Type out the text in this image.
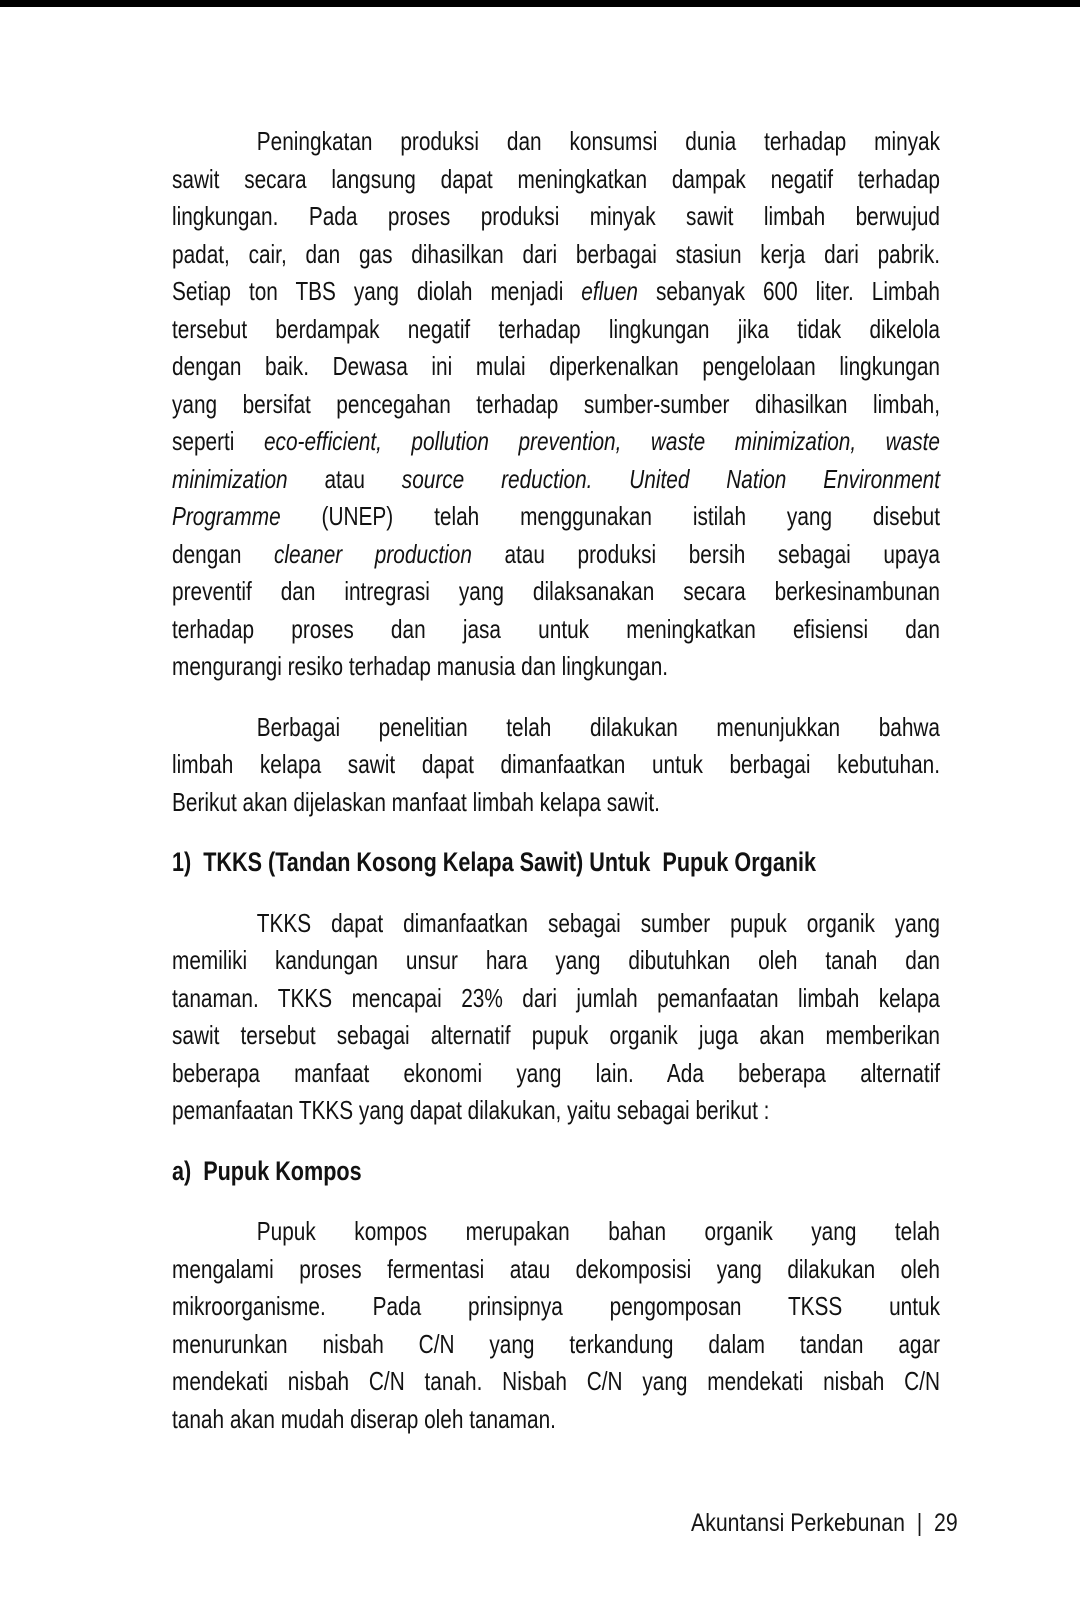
Peningkatan produksi dan konsumsi dunia terhadap minyak
sawit secara langsung dapat meningkatkan dampak negatif terhadap
lingkungan. Pada proses produksi minyak sawit limbah berwujud
padat, cair, dan gas dihasilkan dari berbagai stasiun kerja dari pabrik.
Setiap ton TBS yang diolah menjadi efluen sebanyak 600 liter. Limbah
tersebut berdampak negatif terhadap lingkungan jika tidak dikelola
dengan baik. Dewasa ini mulai diperkenalkan pengelolaan lingkungan
yang bersifat pencegahan terhadap sumber-sumber dihasilkan limbah,
seperti eco-efficient, pollution prevention, waste minimization, waste
minimization atau source reduction. United Nation Environment
Programme (UNEP) telah menggunakan istilah yang disebut
dengan cleaner production atau produksi bersih sebagai upaya
preventif dan intregrasi yang dilaksanakan secara berkesinambunan
terhadap proses dan jasa untuk meningkatkan efisiensi dan
mengurangi resiko terhadap manusia dan lingkungan.
Berbagai penelitian telah dilakukan menunjukkan bahwa
limbah kelapa sawit dapat dimanfaatkan untuk berbagai kebutuhan.
Berikut akan dijelaskan manfaat limbah kelapa sawit.
1)  TKKS (Tandan Kosong Kelapa Sawit) Untuk  Pupuk Organik
TKKS dapat dimanfaatkan sebagai sumber pupuk organik yang
memiliki kandungan unsur hara yang dibutuhkan oleh tanah dan
tanaman. TKKS mencapai 23% dari jumlah pemanfaatan limbah kelapa
sawit tersebut sebagai alternatif pupuk organik juga akan memberikan
beberapa manfaat ekonomi yang lain. Ada beberapa alternatif
pemanfaatan TKKS yang dapat dilakukan, yaitu sebagai berikut :
a)  Pupuk Kompos
Pupuk kompos merupakan bahan organik yang telah
mengalami proses fermentasi atau dekomposisi yang dilakukan oleh
mikroorganisme. Pada prinsipnya pengomposan TKSS untuk
menurunkan nisbah C/N yang terkandung dalam tandan agar
mendekati nisbah C/N tanah. Nisbah C/N yang mendekati nisbah C/N
tanah akan mudah diserap oleh tanaman.
Akuntansi Perkebunan | 29
